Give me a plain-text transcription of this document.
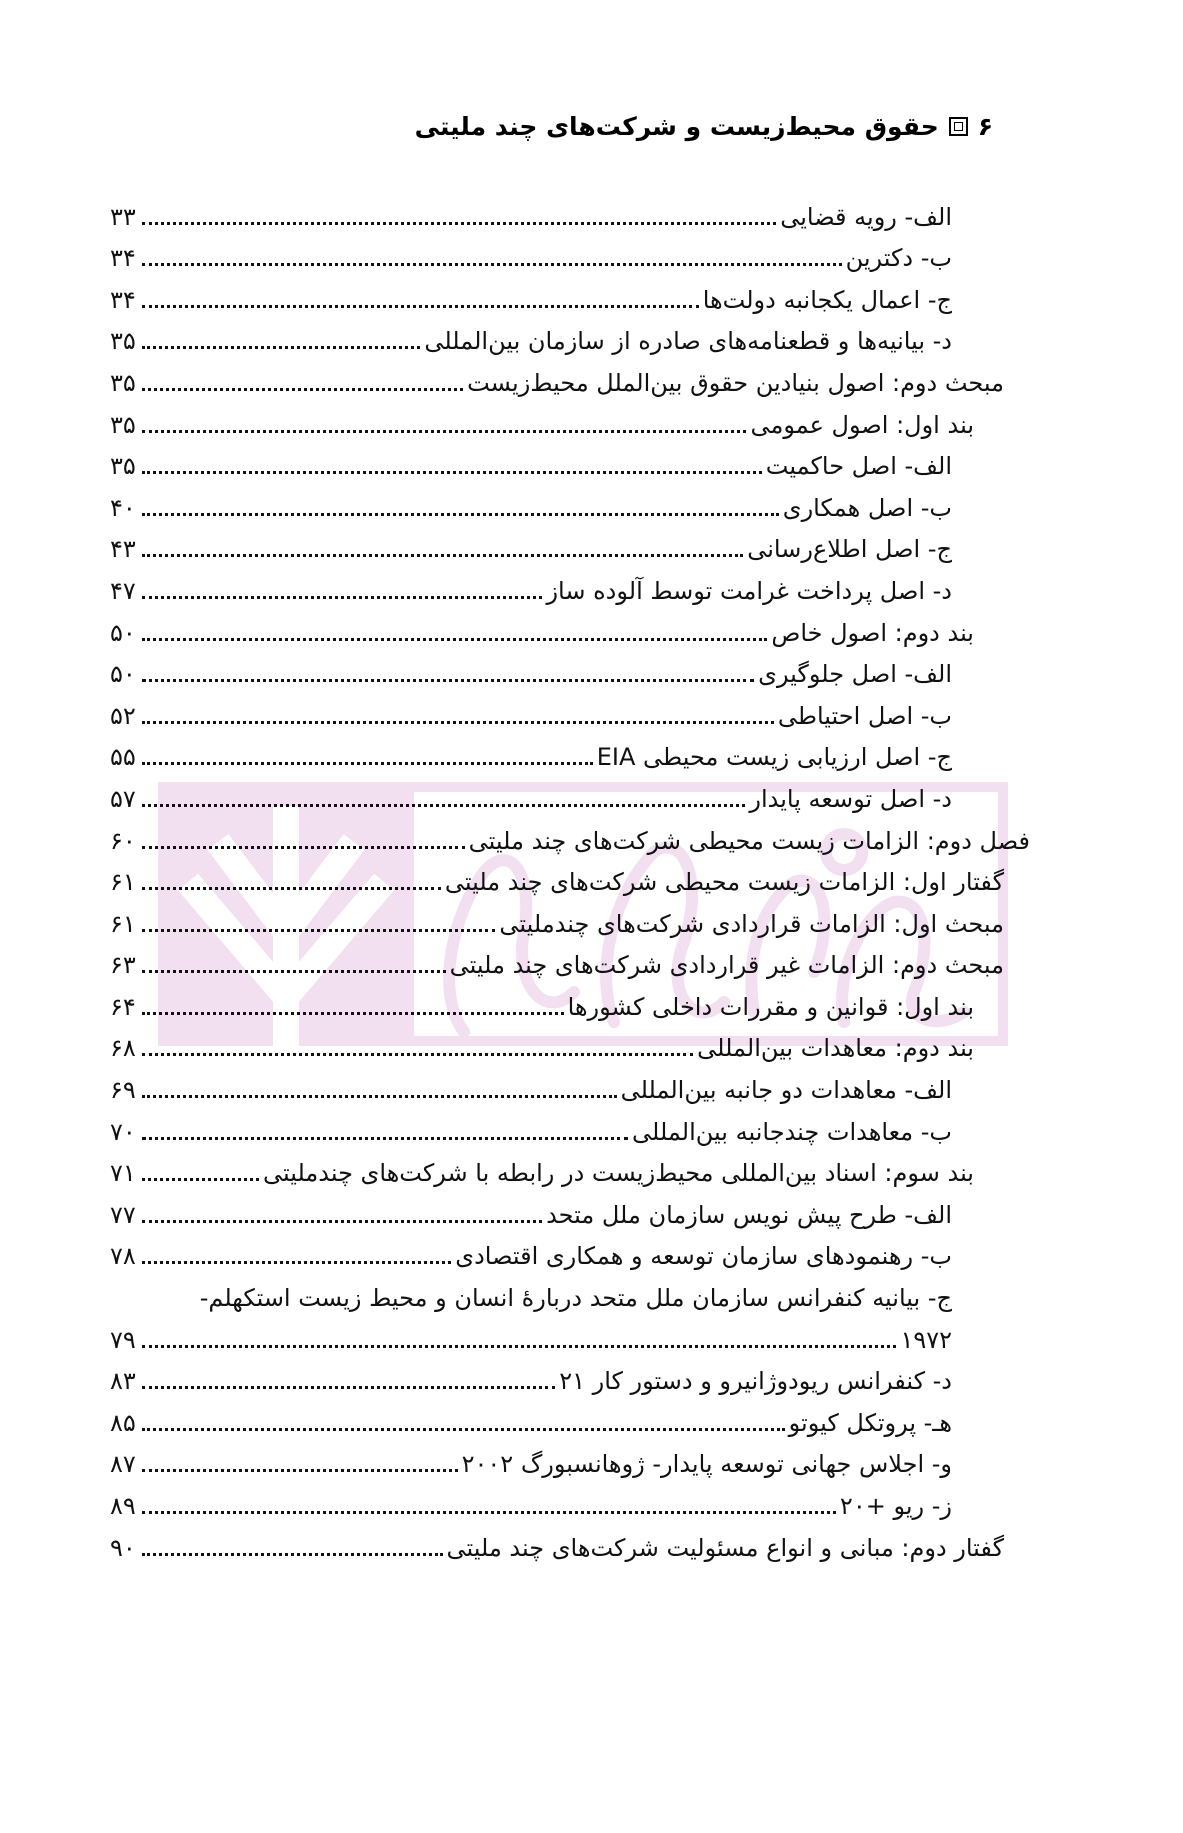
۶
حقوق محیط‌زیست و شرکت‌های چند ملیتی
الف- رویه قضایی
۳۳
ب- دکترین
۳۴
ج- اعمال یکجانبه دولت‌ها
۳۴
د- بیانیه‌ها و قطعنامه‌های صادره از سازمان بین‌المللی
۳۵
مبحث دوم: اصول بنیادین حقوق بین‌الملل محیط‌زیست
۳۵
بند اول: اصول عمومی
۳۵
الف- اصل حاکمیت
۳۵
ب- اصل همکاری
۴۰
ج- اصل اطلاع‌رسانی
۴۳
د- اصل پرداخت غرامت توسط آلوده ساز
۴۷
بند دوم: اصول خاص
۵۰
الف- اصل جلوگیری
۵۰
ب- اصل احتیاطی
۵۲
ج- اصل ارزیابی زیست محیطی EIA
۵۵
د- اصل توسعه پایدار
۵۷
فصل دوم: الزامات زیست محیطی شرکت‌های چند ملیتی
۶۰
گفتار اول: الزامات زیست محیطی شرکت‌های چند ملیتی
۶۱
مبحث اول: الزامات قراردادی شرکت‌های چندملیتی
۶۱
مبحث دوم: الزامات غیر قراردادی شرکت‌های چند ملیتی
۶۳
بند اول: قوانین و مقررات داخلی کشورها
۶۴
بند دوم: معاهدات بین‌المللی
۶۸
الف- معاهدات دو جانبه بین‌المللی
۶۹
ب- معاهدات چندجانبه بین‌المللی
۷۰
بند سوم: اسناد بین‌المللی محیط‌زیست در رابطه با شرکت‌های چندملیتی
۷۱
الف- طرح پیش نویس سازمان ملل متحد
۷۷
ب- رهنمودهای سازمان توسعه و همکاری اقتصادی
۷۸
ج- بیانیه کنفرانس سازمان ملل متحد دربارهٔ انسان و محیط زیست استکهلم-
۱۹۷۲
۷۹
د- کنفرانس ریودوژانیرو و دستور کار ۲۱
۸۳
هـ- پروتکل کیوتو
۸۵
و- اجلاس جهانی توسعه پایدار- ژوهانسبورگ ۲۰۰۲
۸۷
ز- ریو +۲۰
۸۹
گفتار دوم: مبانی و انواع مسئولیت شرکت‌های چند ملیتی
۹۰
